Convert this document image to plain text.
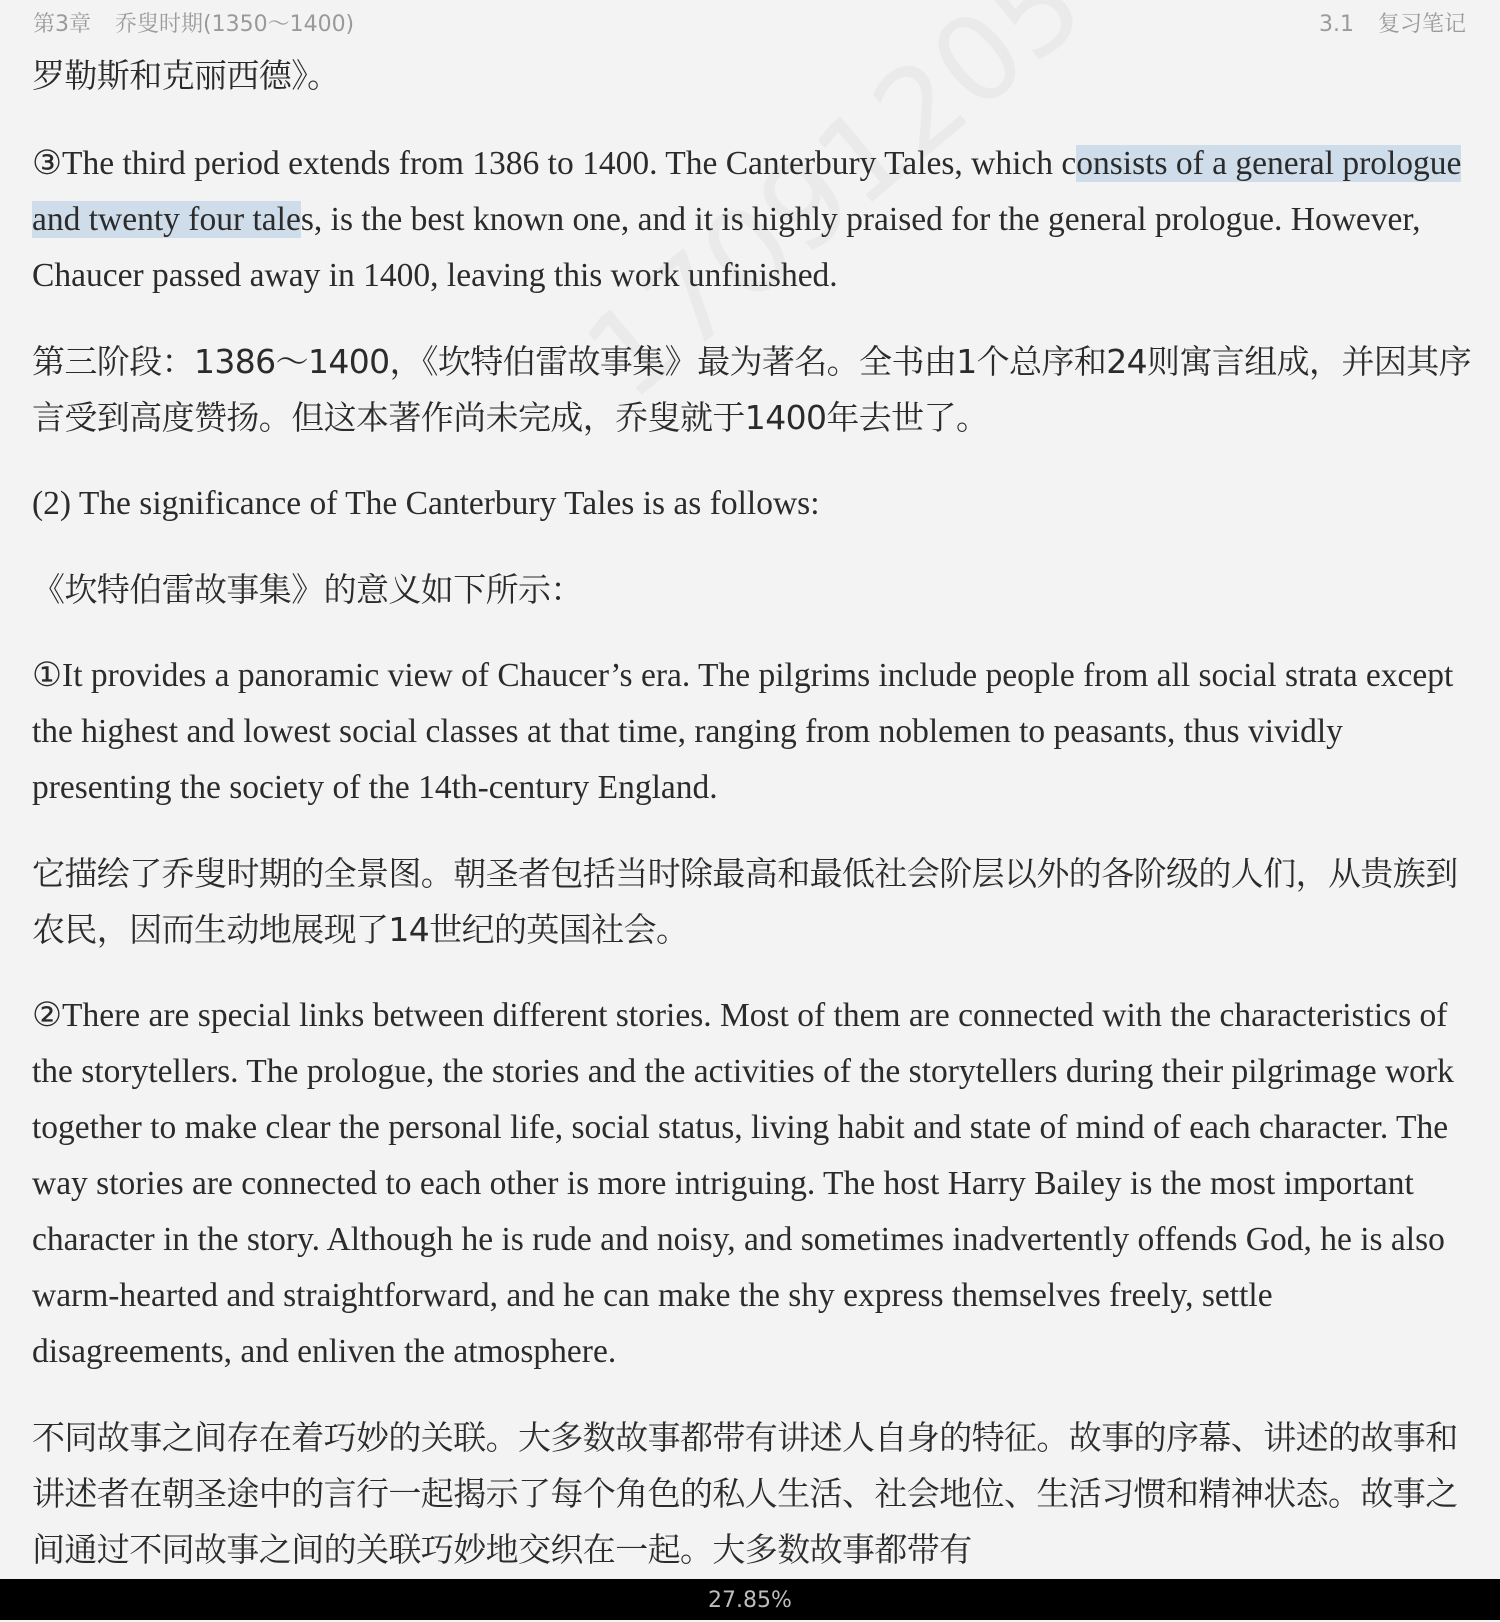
第3章 乔叟时期(1350～1400)	3.1 复习笔记

罗勒斯和克丽西德》。

③The third period extends from 1386 to 1400. The Canterbury Tales, which consists of a general prologue and twenty four tales, is the best known one, and it is highly praised for the general prologue. However, Chaucer passed away in 1400, leaving this work unfinished.

第三阶段：1386～1400，《坎特伯雷故事集》最为著名。全书由1个总序和24则寓言组成，并因其序言受到高度赞扬。但这本著作尚未完成，乔叟就于1400年去世了。

(2) The significance of The Canterbury Tales is as follows:

《坎特伯雷故事集》的意义如下所示：

①It provides a panoramic view of Chaucer’s era. The pilgrims include people from all social strata except the highest and lowest social classes at that time, ranging from noblemen to peasants, thus vividly presenting the society of the 14th-century England.

它描绘了乔叟时期的全景图。朝圣者包括当时除最高和最低社会阶层以外的各阶级的人们，从贵族到农民，因而生动地展现了14世纪的英国社会。

②There are special links between different stories. Most of them are connected with the characteristics of the storytellers. The prologue, the stories and the activities of the storytellers during their pilgrimage work together to make clear the personal life, social status, living habit and state of mind of each character. The way stories are connected to each other is more intriguing. The host Harry Bailey is the most important character in the story. Although he is rude and noisy, and sometimes inadvertently offends God, he is also warm-hearted and straightforward, and he can make the shy express themselves freely, settle disagreements, and enliven the atmosphere.

不同故事之间存在着巧妙的关联。大多数故事都带有讲述人自身的特征。故事的序幕、讲述的故事和讲述者在朝圣途中的言行一起揭示了每个角色的私人生活、社会地位、生活习惯和精神状态。故事之间通过不同故事之间的关联巧妙地交织在一起。大多数故事都带有

27.85%
